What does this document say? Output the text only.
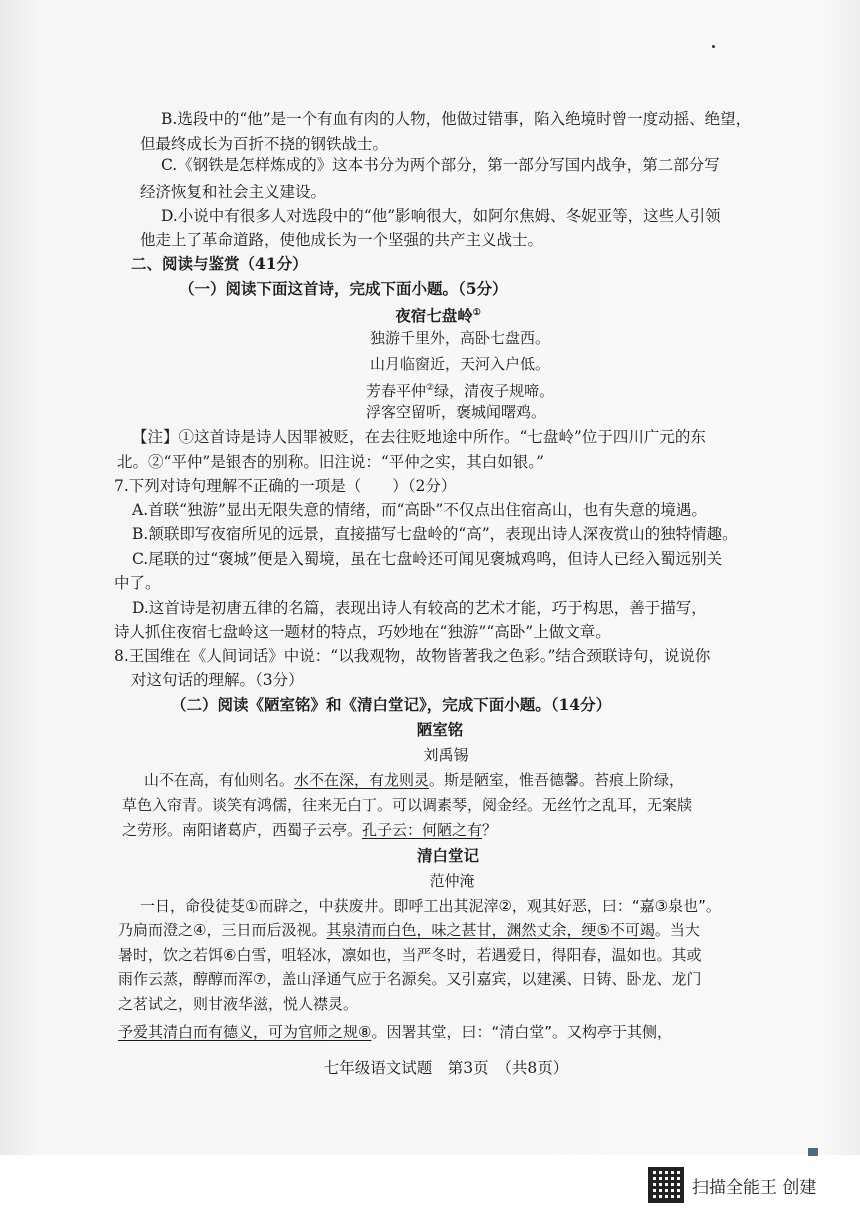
B.选段中的“他”是一个有血有肉的人物，他做过错事，陷入绝境时曾一度动摇、绝望，

但最终成长为百折不挠的钢铁战士。

C.《钢铁是怎样炼成的》这本书分为两个部分，第一部分写国内战争，第二部分写

经济恢复和社会主义建设。

D.小说中有很多人对选段中的“他”影响很大，如阿尔焦姆、冬妮亚等，这些人引领

他走上了革命道路，使他成长为一个坚强的共产主义战士。

二、阅读与鉴赏（41分）

（一）阅读下面这首诗，完成下面小题。（5分）

夜宿七盘岭①

独游千里外，高卧七盘西。

山月临窗近，天河入户低。

芳春平仲②绿，清夜子规啼。

浮客空留听，褒城闻曙鸡。

【注】①这首诗是诗人因罪被贬，在去往贬地途中所作。“七盘岭”位于四川广元的东

北。②“平仲”是银杏的别称。旧注说：“平仲之实，其白如银。”

7.下列对诗句理解不正确的一项是（　　）（2分）

A.首联“独游”显出无限失意的情绪，而“高卧”不仅点出住宿高山，也有失意的境遇。

B.颔联即写夜宿所见的远景，直接描写七盘岭的“高”，表现出诗人深夜赏山的独特情趣。

C.尾联的过“褒城”便是入蜀境，虽在七盘岭还可闻见褒城鸡鸣，但诗人已经入蜀远别关

中了。

D.这首诗是初唐五律的名篇，表现出诗人有较高的艺术才能，巧于构思，善于描写，

诗人抓住夜宿七盘岭这一题材的特点，巧妙地在“独游”“高卧”上做文章。

8.王国维在《人间词话》中说：“以我观物，故物皆著我之色彩。”结合颈联诗句，说说你

对这句话的理解。（3分）

（二）阅读《陋室铭》和《清白堂记》，完成下面小题。（14分）

陋室铭

刘禹锡

山不在高，有仙则名。水不在深，有龙则灵。斯是陋室，惟吾德馨。苔痕上阶绿，

草色入帘青。谈笑有鸿儒，往来无白丁。可以调素琴，阅金经。无丝竹之乱耳，无案牍

之劳形。南阳诸葛庐，西蜀子云亭。孔子云：何陋之有？

清白堂记

范仲淹

一日，命役徒芟①而辟之，中获废井。即呼工出其泥滓②，观其好恶，曰：“嘉③泉也”。

乃扃而澄之④，三日而后汲视。其泉清而白色，味之甚甘，渊然丈余，绠⑤不可竭。当大

暑时，饮之若饵⑥白雪，咀轻冰，凛如也，当严冬时，若遇爱日，得阳春，温如也。其或

雨作云蒸，醇醇而浑⑦，盖山泽通气应于名源矣。又引嘉宾，以建溪、日铸、卧龙、龙门

之茗试之，则甘液华滋，悦人襟灵。

予爱其清白而有德义，可为官师之规⑧。因署其堂，曰：“清白堂”。又构亭于其侧，

七年级语文试题　第3页　（共8页）

扫描全能王 创建
